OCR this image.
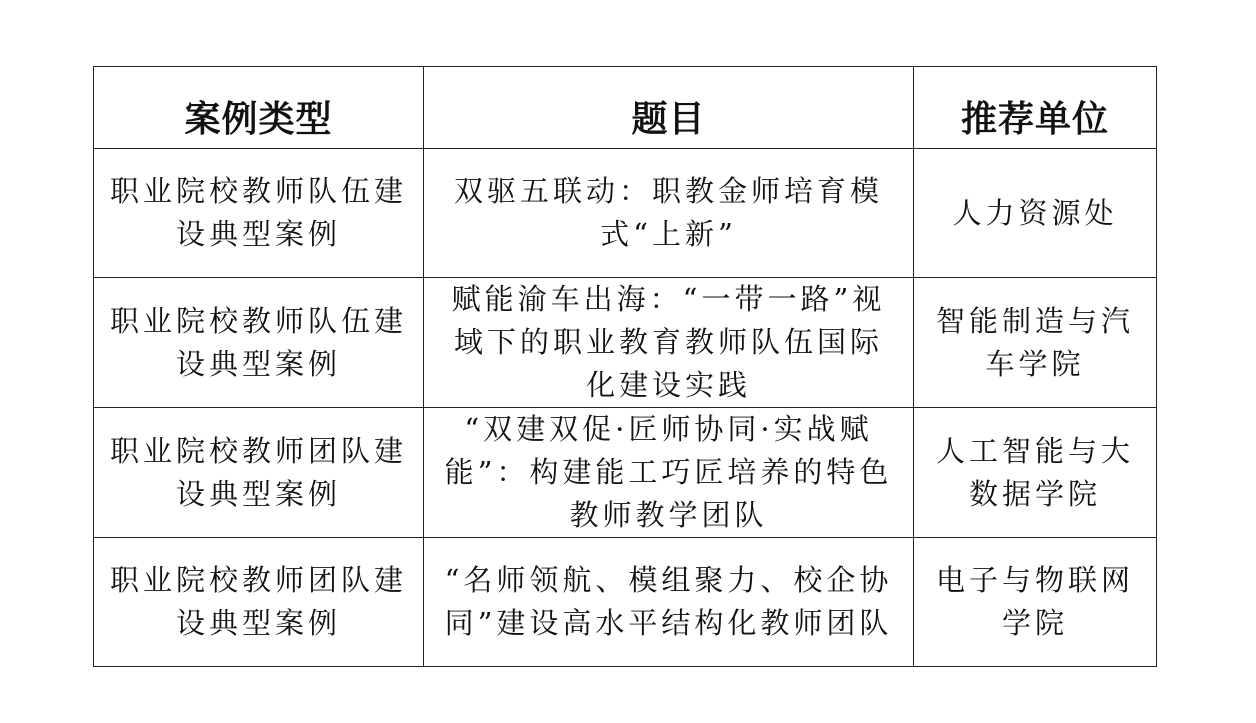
案例类型	题目	推荐单位
职业院校教师队伍建设典型案例	双驱五联动：职教金师培育模式“上新”	人力资源处
职业院校教师队伍建设典型案例	赋能渝车出海：“一带一路”视域下的职业教育教师队伍国际化建设实践	智能制造与汽车学院
职业院校教师团队建设典型案例	“双建双促·匠师协同·实战赋能”：构建能工巧匠培养的特色教师教学团队	人工智能与大数据学院
职业院校教师团队建设典型案例	“名师领航、模组聚力、校企协同”建设高水平结构化教师团队	电子与物联网学院
